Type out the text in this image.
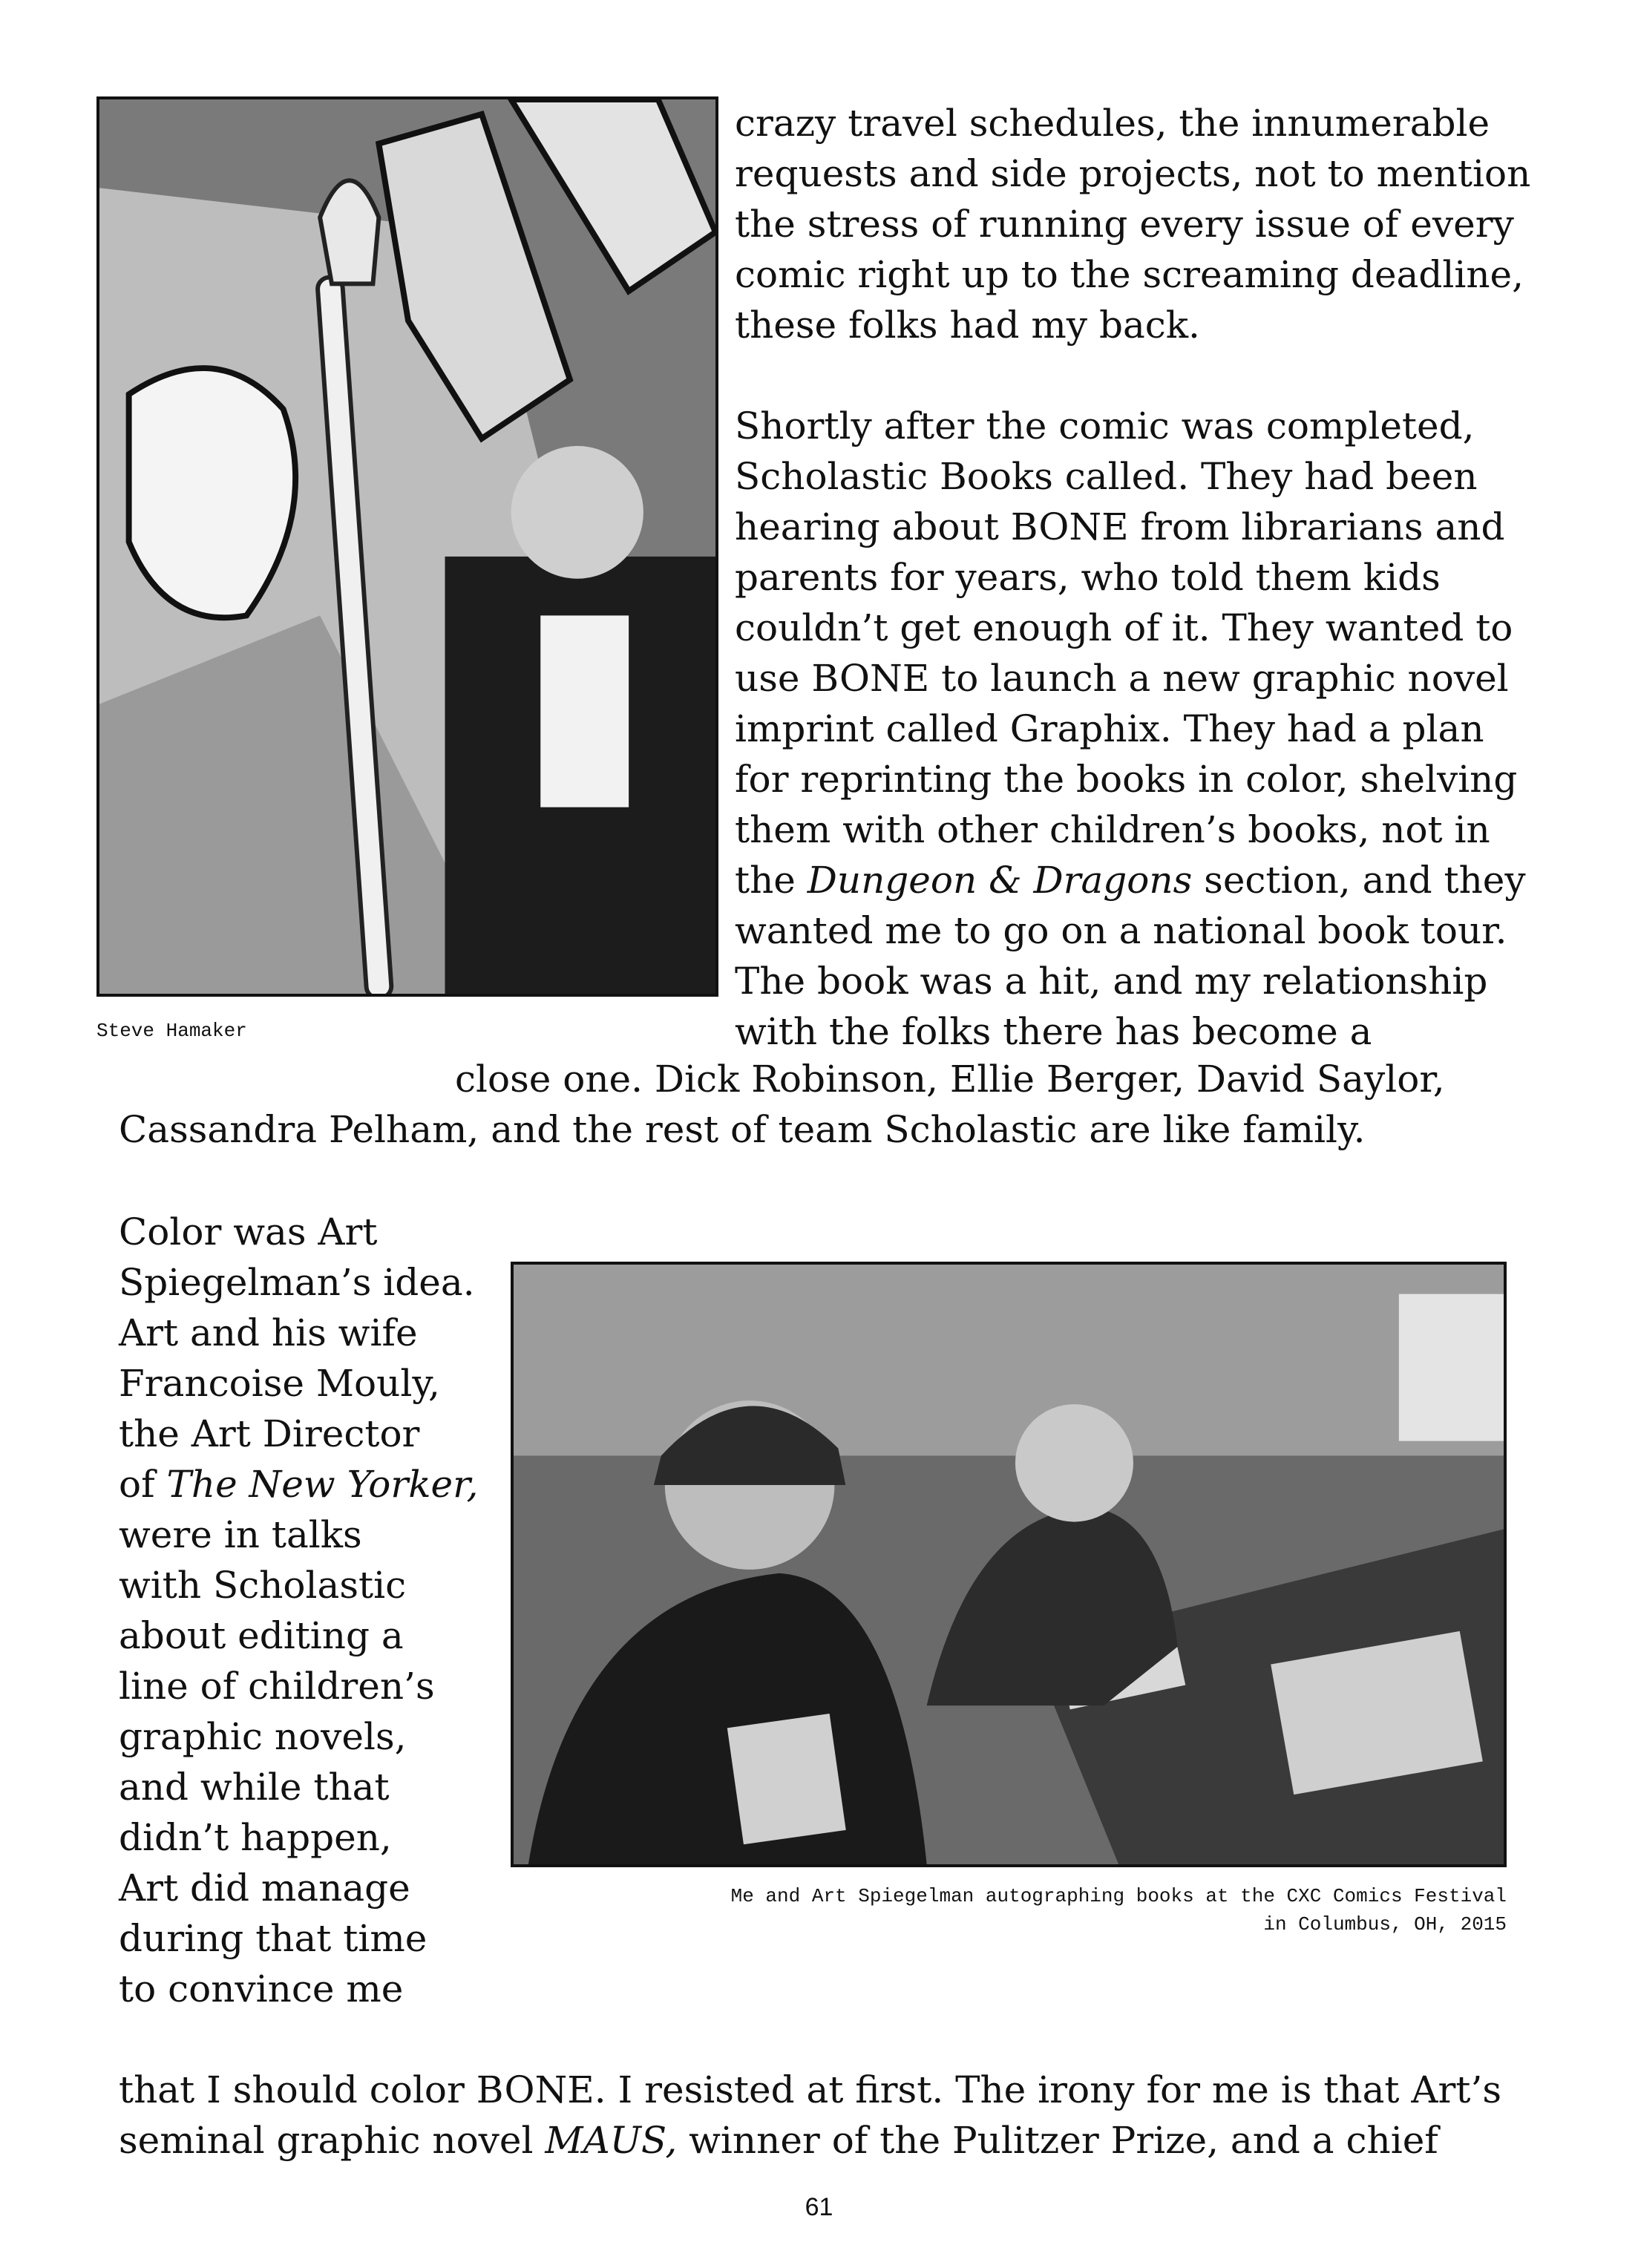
Steve Hamaker
crazy travel schedules, the innumerable
requests and side projects, not to mention
the stress of running every issue of every
comic right up to the screaming deadline,
these folks had my back.

Shortly after the comic was completed,
Scholastic Books called. They had been
hearing about BONE from librarians and
parents for years, who told them kids
couldn’t get enough of it. They wanted to
use BONE to launch a new graphic novel
imprint called Graphix. They had a plan
for reprinting the books in color, shelving
them with other children’s books, not in
the Dungeon & Dragons section, and they
wanted me to go on a national book tour.
The book was a hit, and my relationship
with the folks there has become a
close one. Dick Robinson, Ellie Berger, David Saylor,
Cassandra Pelham, and the rest of team Scholastic are like family.
Me and Art Spiegelman autographing books at the CXC Comics Festival
in Columbus, OH, 2015
Color was Art
Spiegelman’s idea.
Art and his wife
Francoise Mouly,
the Art Director
of The New Yorker,
were in talks
with Scholastic
about editing a
line of children’s
graphic novels,
and while that
didn’t happen,
Art did manage
during that time
to convince me
that I should color BONE. I resisted at first. The irony for me is that Art’s
seminal graphic novel MAUS, winner of the Pulitzer Prize, and a chief
61
